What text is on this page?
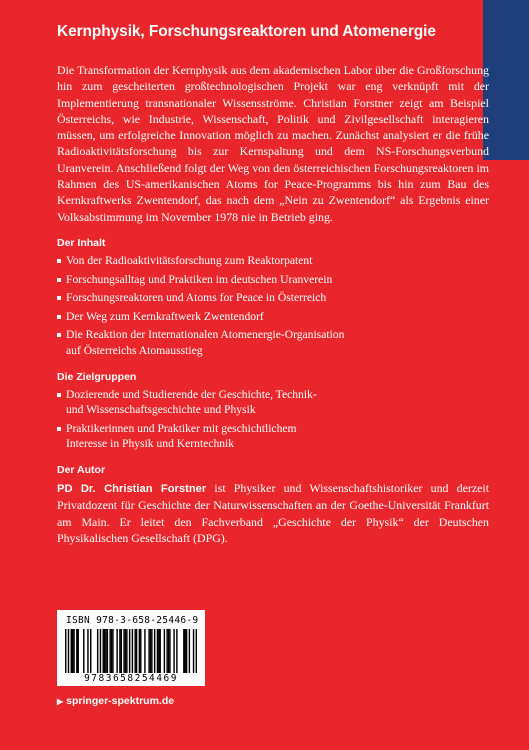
Kernphysik, Forschungsreaktoren und Atomenergie

Die Transformation der Kernphysik aus dem akademischen Labor über die Großforschung hin zum gescheiterten großtechnologischen Projekt war eng verknüpft mit der Implementierung transnationaler Wissensströme. Christian Forstner zeigt am Beispiel Österreichs, wie Industrie, Wissenschaft, Politik und Zivilgesellschaft interagieren müssen, um erfolgreiche Innovation möglich zu machen. Zunächst analysiert er die frühe Radioaktivitätsforschung bis zur Kernspaltung und dem NS-Forschungsverbund Uranverein. Anschließend folgt der Weg von den österreichischen Forschungsreaktoren im Rahmen des US-amerikanischen Atoms for Peace-Programms bis hin zum Bau des Kernkraftwerks Zwentendorf, das nach dem „Nein zu Zwentendorf“ als Ergebnis einer Volksabstimmung im November 1978 nie in Betrieb ging.

Der Inhalt
Von der Radioaktivitätsforschung zum Reaktorpatent
Forschungsalltag und Praktiken im deutschen Uranverein
Forschungsreaktoren und Atoms for Peace in Österreich
Der Weg zum Kernkraftwerk Zwentendorf
Die Reaktion der Internationalen Atomenergie-Organisation auf Österreichs Atomausstieg
Die Zielgruppen
Dozierende und Studierende der Geschichte, Technik- und Wissenschaftsgeschichte und Physik
Praktikerinnen und Praktiker mit geschichtlichem Interesse in Physik und Kerntechnik
Der Autor

PD Dr. Christian Forstner ist Physiker und Wissenschaftshistoriker und derzeit Privatdozent für Geschichte der Naturwissenschaften an der Goethe-Universität Frankfurt am Main. Er leitet den Fachverband „Geschichte der Physik“ der Deutschen Physikalischen Gesellschaft (DPG).

ISBN 978-3-658-25446-9
9783658254469
▶ springer-spektrum.de
